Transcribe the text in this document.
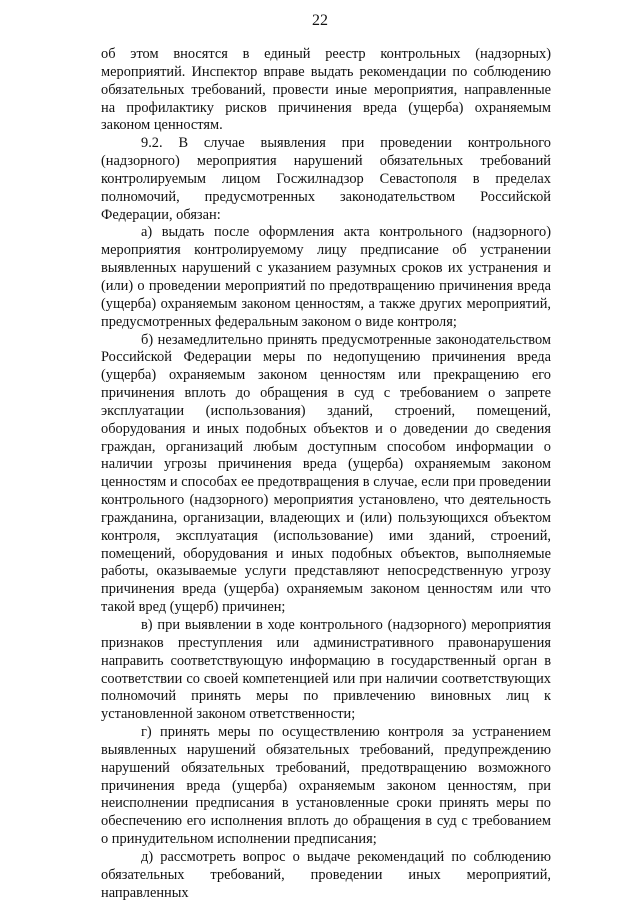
22

об этом вносятся в единый реестр контрольных (надзорных) мероприятий. Инспектор вправе выдать рекомендации по соблюдению обязательных требований, провести иные мероприятия, направленные на профилактику рисков причинения вреда (ущерба) охраняемым законом ценностям.

9.2. В случае выявления при проведении контрольного (надзорного) мероприятия нарушений обязательных требований контролируемым лицом Госжилнадзор Севастополя в пределах полномочий, предусмотренных законодательством Российской Федерации, обязан:

а) выдать после оформления акта контрольного (надзорного) мероприятия контролируемому лицу предписание об устранении выявленных нарушений с указанием разумных сроков их устранения и (или) о проведении мероприятий по предотвращению причинения вреда (ущерба) охраняемым законом ценностям, а также других мероприятий, предусмотренных федеральным законом о виде контроля;

б) незамедлительно принять предусмотренные законодательством Российской Федерации меры по недопущению причинения вреда (ущерба) охраняемым законом ценностям или прекращению его причинения вплоть до обращения в суд с требованием о запрете эксплуатации (использования) зданий, строений, помещений, оборудования и иных подобных объектов и о доведении до сведения граждан, организаций любым доступным способом информации о наличии угрозы причинения вреда (ущерба) охраняемым законом ценностям и способах ее предотвращения в случае, если при проведении контрольного (надзорного) мероприятия установлено, что деятельность гражданина, организации, владеющих и (или) пользующихся объектом контроля, эксплуатация (использование) ими зданий, строений, помещений, оборудования и иных подобных объектов, выполняемые работы, оказываемые услуги представляют непосредственную угрозу причинения вреда (ущерба) охраняемым законом ценностям или что такой вред (ущерб) причинен;

в) при выявлении в ходе контрольного (надзорного) мероприятия признаков преступления или административного правонарушения направить соответствующую информацию в государственный орган в соответствии со своей компетенцией или при наличии соответствующих полномочий принять меры по привлечению виновных лиц к установленной законом ответственности;

г) принять меры по осуществлению контроля за устранением выявленных нарушений обязательных требований, предупреждению нарушений обязательных требований, предотвращению возможного причинения вреда (ущерба) охраняемым законом ценностям, при неисполнении предписания в установленные сроки принять меры по обеспечению его исполнения вплоть до обращения в суд с требованием о принудительном исполнении предписания;

д) рассмотреть вопрос о выдаче рекомендаций по соблюдению обязательных требований, проведении иных мероприятий, направленных
